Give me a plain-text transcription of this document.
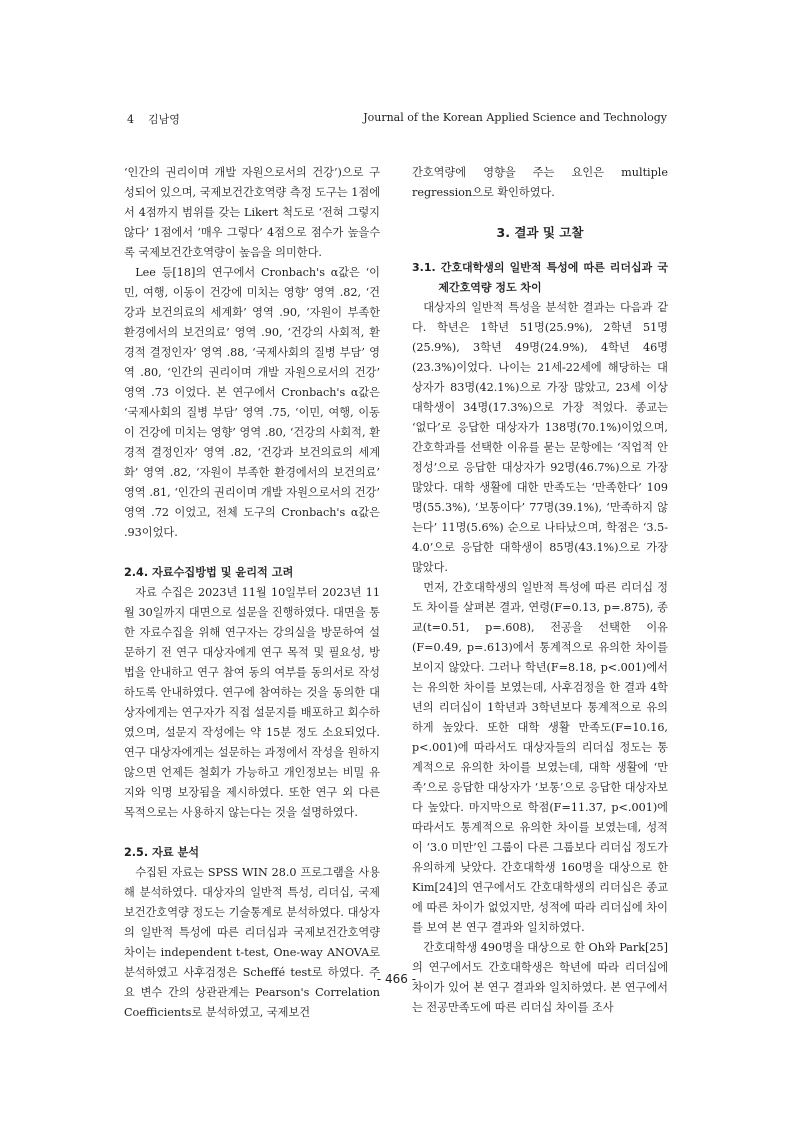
4 김남영	Journal of the Korean Applied Science and Technology

‘인간의 권리이며 개발 자원으로서의 건강’)으로 구성되어 있으며, 국제보건간호역량 측정 도구는 1점에서 4점까지 범위를 갖는 Likert 척도로 ‘전혀 그렇지 않다’ 1점에서 ‘매우 그렇다’ 4점으로 점수가 높을수록 국제보건간호역량이 높음을 의미한다.

Lee 등[18]의 연구에서 Cronbach's α값은 ‘이민, 여행, 이동이 건강에 미치는 영향’ 영역 .82, ‘건강과 보건의료의 세계화’ 영역 .90, ‘자원이 부족한 환경에서의 보건의료’ 영역 .90, ‘건강의 사회적, 환경적 결정인자’ 영역 .88, ‘국제사회의 질병 부담’ 영역 .80, ‘인간의 권리이며 개발 자원으로서의 건강’ 영역 .73 이었다. 본 연구에서 Cronbach's α값은 ‘국제사회의 질병 부담’ 영역 .75, ‘이민, 여행, 이동이 건강에 미치는 영향’ 영역 .80, ‘건강의 사회적, 환경적 결정인자’ 영역 .82, ‘건강과 보건의료의 세계화’ 영역 .82, ‘자원이 부족한 환경에서의 보건의료’ 영역 .81, ‘인간의 권리이며 개발 자원으로서의 건강’ 영역 .72 이었고, 전체 도구의 Cronbach's α값은 .93이었다.

2.4. 자료수집방법 및 윤리적 고려

자료 수집은 2023년 11월 10일부터 2023년 11월 30일까지 대면으로 설문을 진행하였다. 대면을 통한 자료수집을 위해 연구자는 강의실을 방문하여 설문하기 전 연구 대상자에게 연구 목적 및 필요성, 방법을 안내하고 연구 참여 동의 여부를 동의서로 작성하도록 안내하였다. 연구에 참여하는 것을 동의한 대상자에게는 연구자가 직접 설문지를 배포하고 회수하였으며, 설문지 작성에는 약 15분 정도 소요되었다. 연구 대상자에게는 설문하는 과정에서 작성을 원하지 않으면 언제든 철회가 가능하고 개인정보는 비밀 유지와 익명 보장됨을 제시하였다. 또한 연구 외 다른 목적으로는 사용하지 않는다는 것을 설명하였다.

2.5. 자료 분석

수집된 자료는 SPSS WIN 28.0 프로그램을 사용해 분석하였다. 대상자의 일반적 특성, 리더십, 국제보건간호역량 정도는 기술통계로 분석하였다. 대상자의 일반적 특성에 따른 리더십과 국제보건간호역량 차이는 independent t-test, One-way ANOVA로 분석하였고 사후검정은 Scheffé test로 하였다. 주요 변수 간의 상관관계는 Pearson's Correlation Coefficients로 분석하였고, 국제보건

간호역량에 영향을 주는 요인은 multiple regression으로 확인하였다.

3. 결과 및 고찰

3.1. 간호대학생의 일반적 특성에 따른 리더십과 국제간호역량 정도 차이

대상자의 일반적 특성을 분석한 결과는 다음과 같다. 학년은 1학년 51명(25.9%), 2학년 51명(25.9%), 3학년 49명(24.9%), 4학년 46명(23.3%)이었다. 나이는 21세-22세에 해당하는 대상자가 83명(42.1%)으로 가장 많았고, 23세 이상 대학생이 34명(17.3%)으로 가장 적었다. 종교는 ‘없다’로 응답한 대상자가 138명(70.1%)이었으며, 간호학과를 선택한 이유를 묻는 문항에는 ‘직업적 안정성’으로 응답한 대상자가 92명(46.7%)으로 가장 많았다. 대학 생활에 대한 만족도는 ‘만족한다’ 109명(55.3%), ‘보통이다’ 77명(39.1%), ‘만족하지 않는다’ 11명(5.6%) 순으로 나타났으며, 학점은 ‘3.5-4.0’으로 응답한 대학생이 85명(43.1%)으로 가장 많았다.

먼저, 간호대학생의 일반적 특성에 따른 리더십 정도 차이를 살펴본 결과, 연령(F=0.13, p=.875), 종교(t=0.51, p=.608), 전공을 선택한 이유(F=0.49, p=.613)에서 통계적으로 유의한 차이를 보이지 않았다. 그러나 학년(F=8.18, p<.001)에서는 유의한 차이를 보였는데, 사후검정을 한 결과 4학년의 리더십이 1학년과 3학년보다 통계적으로 유의하게 높았다. 또한 대학 생활 만족도(F=10.16, p<.001)에 따라서도 대상자들의 리더십 정도는 통계적으로 유의한 차이를 보였는데, 대학 생활에 ‘만족’으로 응답한 대상자가 ‘보통’으로 응답한 대상자보다 높았다. 마지막으로 학점(F=11.37, p<.001)에 따라서도 통계적으로 유의한 차이를 보였는데, 성적이 ‘3.0 미만’인 그룹이 다른 그룹보다 리더십 정도가 유의하게 낮았다. 간호대학생 160명을 대상으로 한 Kim[24]의 연구에서도 간호대학생의 리더십은 종교에 따른 차이가 없었지만, 성적에 따라 리더십에 차이를 보여 본 연구 결과와 일치하였다.

간호대학생 490명을 대상으로 한 Oh와 Park[25]의 연구에서도 간호대학생은 학년에 따라 리더십에 차이가 있어 본 연구 결과와 일치하였다. 본 연구에서는 전공만족도에 따른 리더십 차이를 조사

- 466 -
